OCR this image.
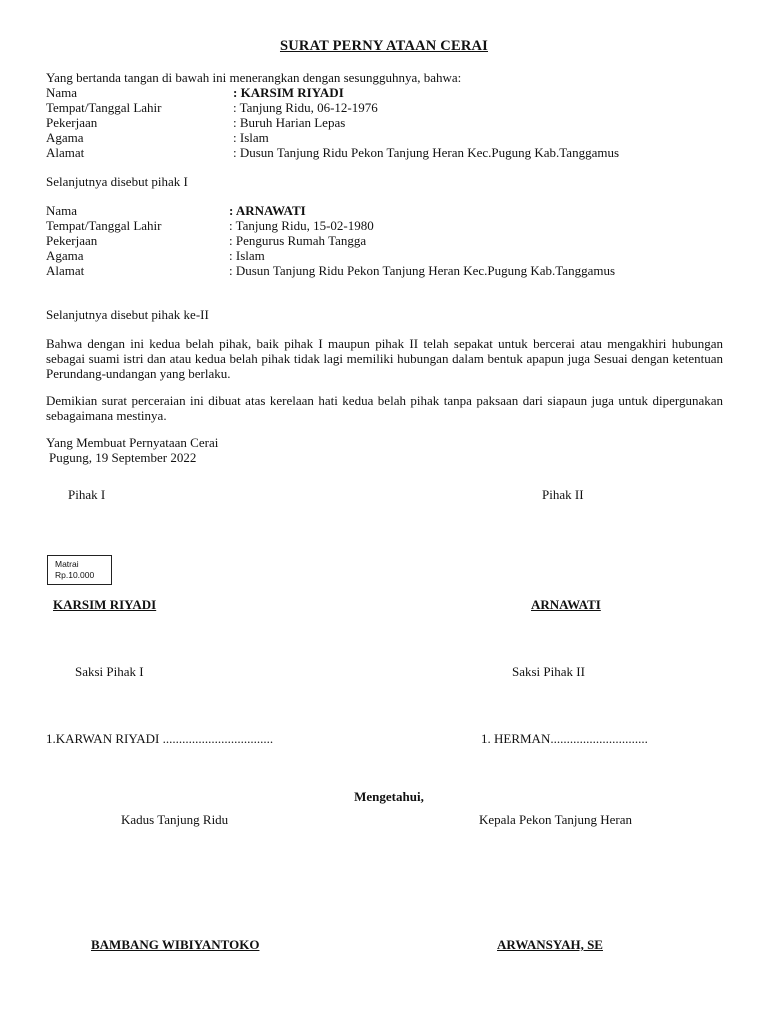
SURAT PERNY ATAAN CERAI
Yang bertanda tangan di bawah ini menerangkan dengan sesungguhnya, bahwa:
Nama	: KARSIM RIYADI
Tempat/Tanggal Lahir	: Tanjung Ridu, 06-12-1976
Pekerjaan	: Buruh Harian Lepas
Agama	: Islam
Alamat	: Dusun Tanjung Ridu Pekon Tanjung Heran Kec.Pugung Kab.Tanggamus
Selanjutnya disebut pihak I
Nama	: ARNAWATI
Tempat/Tanggal Lahir	: Tanjung Ridu, 15-02-1980
Pekerjaan	: Pengurus Rumah Tangga
Agama	: Islam
Alamat	: Dusun Tanjung Ridu Pekon Tanjung Heran Kec.Pugung Kab.Tanggamus
Selanjutnya disebut pihak ke-II
Bahwa dengan ini kedua belah pihak, baik pihak I maupun pihak II telah sepakat untuk bercerai atau mengakhiri hubungan sebagai suami istri dan atau kedua belah pihak tidak lagi memiliki hubungan dalam bentuk apapun juga Sesuai dengan ketentuan Perundang-undangan yang berlaku.
Demikian surat perceraian ini dibuat atas kerelaan hati kedua belah pihak tanpa paksaan dari siapaun juga untuk dipergunakan sebagaimana mestinya.
Yang Membuat Pernyataan Cerai
Pugung, 19 September 2022
Pihak I	Pihak II
Matrai
Rp.10.000
KARSIM RIYADI	ARNAWATI
Saksi Pihak I	Saksi Pihak II
1.KARWAN RIYADI ..................................	1. HERMAN..............................
Mengetahui,
Kadus Tanjung Ridu	Kepala Pekon Tanjung Heran
BAMBANG WIBIYANTOKO	ARWANSYAH, SE
